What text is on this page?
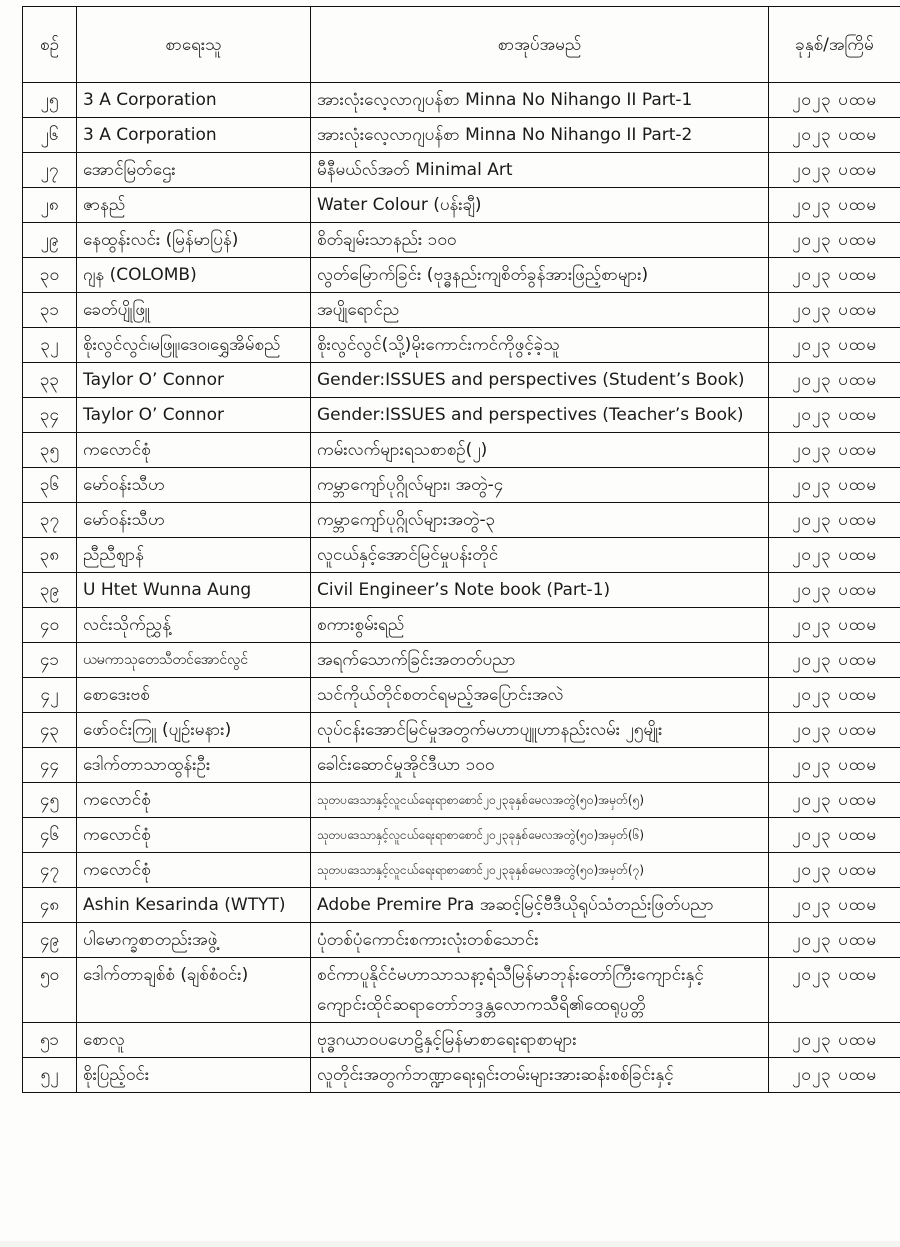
စဉ်	စာရေးသူ	စာအုပ်အမည်	ခုနှစ်/အကြိမ်
၂၅	3 A Corporation	အားလုံးလေ့လာဂျပန်စာ Minna No Nihango II Part-1	၂၀၂၃ ပထမ
၂၆	3 A Corporation	အားလုံးလေ့လာဂျပန်စာ Minna No Nihango II Part-2	၂၀၂၃ ပထမ
၂၇	အောင်မြတ်ဌေး	မီနီမယ်လ်အတ် Minimal Art	၂၀၂၃ ပထမ
၂၈	ဇာနည်	Water Colour (ပန်းချီ)	၂၀၂၃ ပထမ
၂၉	နေထွန်းလင်း (မြန်မာပြန်)	စိတ်ချမ်းသာနည်း ၁၀၀	၂၀၂၃ ပထမ
၃၀	ဂျန (COLOMB)	လွတ်မြောက်ခြင်း (ဗုဒ္ဓနည်းကျစိတ်ခွန်အားဖြည့်စာများ)	၂၀၂၃ ပထမ
၃၁	ခေတ်ပျိုဖြူ	အပျိုရောင်ည	၂၀၂၃ ပထမ
၃၂	စိုးလွင်လွင်၊မဖြူ၊ဒေဝ၊ရွှေအိမ်စည်	စိုးလွင်လွင်(သို့)မိုးကောင်းကင်ကိုဖွင့်ခဲ့သူ	၂၀၂၃ ပထမ
၃၃	Taylor O’ Connor	Gender:ISSUES and perspectives (Student’s Book)	၂၀၂၃ ပထမ
၃၄	Taylor O’ Connor	Gender:ISSUES and perspectives (Teacher’s Book)	၂၀၂၃ ပထမ
၃၅	ကလောင်စုံ	ကမ်းလက်များရသစာစဉ်(၂)	၂၀၂၃ ပထမ
၃၆	မော်ဝန်းသီဟ	ကမ္ဘာကျော်ပုဂ္ဂိုလ်များ၊ အတွဲ-၄	၂၀၂၃ ပထမ
၃၇	မော်ဝန်းသီဟ	ကမ္ဘာကျော်ပုဂ္ဂိုလ်များအတွဲ-၃	၂၀၂၃ ပထမ
၃၈	ညီညီစျာန်	လူငယ်နှင့်အောင်မြင်မှုပန်းတိုင်	၂၀၂၃ ပထမ
၃၉	U Htet Wunna Aung	Civil Engineer’s Note book (Part-1)	၂၀၂၃ ပထမ
၄၀	လင်းသိုက်ညွှန့်	စကားစွမ်းရည်	၂၀၂၃ ပထမ
၄၁	ယမကာသုတေသီတင်အောင်လွင်	အရက်သောက်ခြင်းအတတ်ပညာ	၂၀၂၃ ပထမ
၄၂	စောဒေးဗစ်	သင်ကိုယ်တိုင်စတင်ရမည့်အပြောင်းအလဲ	၂၀၂၃ ပထမ
၄၃	ဖော်ဝင်းကြူ (ပျဉ်းမနား)	လုပ်ငန်းအောင်မြင်မှုအတွက်မဟာပျူဟာနည်းလမ်း ၂၅မျိုး	၂၀၂၃ ပထမ
၄၄	ဒေါက်တာသာထွန်းဦး	ခေါင်းဆောင်မှုအိုင်ဒီယာ ၁၀၀	၂၀၂၃ ပထမ
၄၅	ကလောင်စုံ	သုတပဒေသာနှင့်လူငယ်ရေးရာစာစောင်၂၀၂၃ခုနှစ်မေလအတွဲ(၅၀)အမှတ်(၅)	၂၀၂၃ ပထမ
၄၆	ကလောင်စုံ	သုတပဒေသာနှင့်လူငယ်ရေးရာစာစောင်၂၀၂၃ခုနှစ်မေလအတွဲ(၅၀)အမှတ်(၆)	၂၀၂၃ ပထမ
၄၇	ကလောင်စုံ	သုတပဒေသာနှင့်လူငယ်ရေးရာစာစောင်၂၀၂၃ခုနှစ်မေလအတွဲ(၅၀)အမှတ်(၇)	၂၀၂၃ ပထမ
၄၈	Ashin Kesarinda (WTYT)	Adobe Premire Pra အဆင့်မြင့်ဗီဒီယိုရုပ်သံတည်းဖြတ်ပညာ	၂၀၂၃ ပထမ
၄၉	ပါမောက္ခစာတည်းအဖွဲ့	ပုံတစ်ပုံကောင်းစကားလုံးတစ်သောင်း	၂၀၂၃ ပထမ
၅၀	ဒေါက်တာချစ်စံ (ချစ်စံဝင်း)	စင်ကာပူနိုင်ငံမဟာသာသနာ့ရံသီမြန်မာဘုန်းတော်ကြီးကျောင်းနှင့်ကျောင်းထိုင်ဆရာတော်ဘဒ္ဒန္တလောကသီရိ၏ထေရုပ္ပတ္တိ	၂၀၂၃ ပထမ
၅၁	စောလူ	ဗုဒ္ဓဂယာဝပဟေဠိနှင့်မြန်မာစာရေးရာစာများ	၂၀၂၃ ပထမ
၅၂	စိုးပြည့်ဝင်း	လူတိုင်းအတွက်ဘဏ္ဍာရေးရှင်းတမ်းများအားဆန်းစစ်ခြင်းနှင့်	၂၀၂၃ ပထမ
